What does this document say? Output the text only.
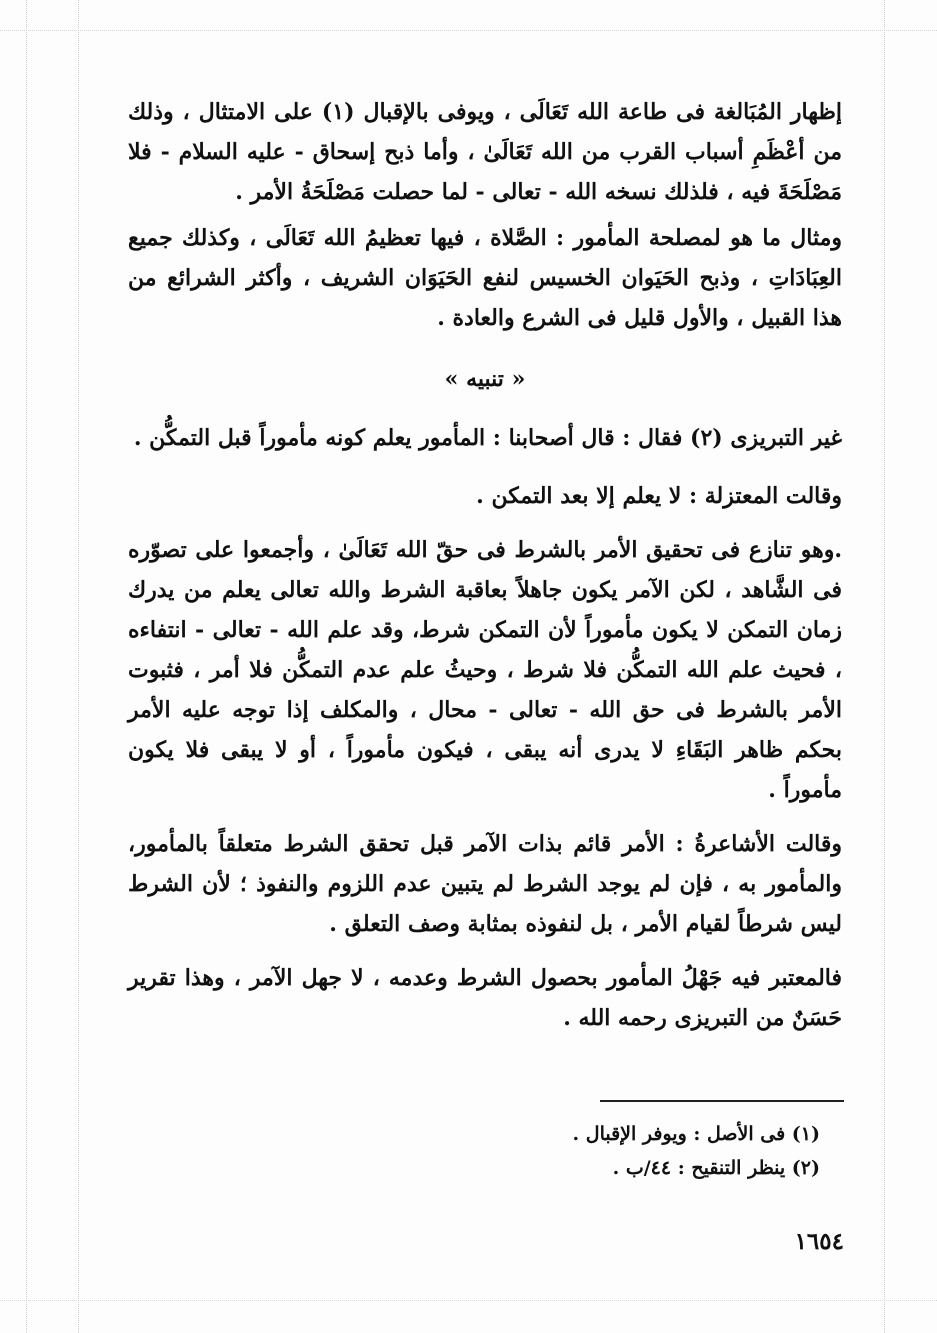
إظهار المُبَالغة فى طاعة الله تَعَالَى ، ويوفى بالإقبال (١) على الامتثال ، وذلك من أعْظَمِ أسباب القرب من الله تَعَالَىٰ ، وأما ذبح إسحاق - عليه السلام - فلا مَصْلَحَةَ فيه ، فلذلك نسخه الله - تعالى - لما حصلت مَصْلَحَةُ الأمر .

ومثال ما هو لمصلحة المأمور : الصَّلاة ، فيها تعظيمُ الله تَعَالَى ، وكذلك جميع العِبَادَاتِ ، وذبح الحَيَوان الخسيس لنفع الحَيَوَان الشريف ، وأكثر الشرائع من هذا القبيل ، والأول قليل فى الشرع والعادة .

« تنبيه »

غير التبريزى (٢) فقال : قال أصحابنا : المأمور يعلم كونه مأموراً قبل التمكُّن .

وقالت المعتزلة : لا يعلم إلا بعد التمكن .

.وهو تنازع فى تحقيق الأمر بالشرط فى حقّ الله تَعَالَىٰ ، وأجمعوا على تصوّره فى الشَّاهد ، لكن الآمر يكون جاهلاً بعاقبة الشرط والله تعالى يعلم من يدرك زمان التمكن لا يكون مأموراً لأن التمكن شرط، وقد علم الله - تعالى - انتفاءه ، فحيث علم الله التمكُّن فلا شرط ، وحيثُ علم عدم التمكُّن فلا أمر ، فثبوت الأمر بالشرط فى حق الله - تعالى - محال ، والمكلف إذا توجه عليه الأمر بحكم ظاهر البَقَاءِ لا يدرى أنه يبقى ، فيكون مأموراً ، أو لا يبقى فلا يكون مأموراً .

وقالت الأشاعرةُ : الأمر قائم بذات الآمر قبل تحقق الشرط متعلقاً بالمأمور، والمأمور به ، فإن لم يوجد الشرط لم يتبين عدم اللزوم والنفوذ ؛ لأن الشرط ليس شرطاً لقيام الأمر ، بل لنفوذه بمثابة وصف التعلق .

فالمعتبر فيه جَهْلُ المأمور بحصول الشرط وعدمه ، لا جهل الآمر ، وهذا تقرير حَسَنٌ من التبريزى رحمه الله .

(١) فى الأصل : ويوفر الإقبال .

(٢) ينظر التنقيح : ٤٤/ب .

١٦٥٤
